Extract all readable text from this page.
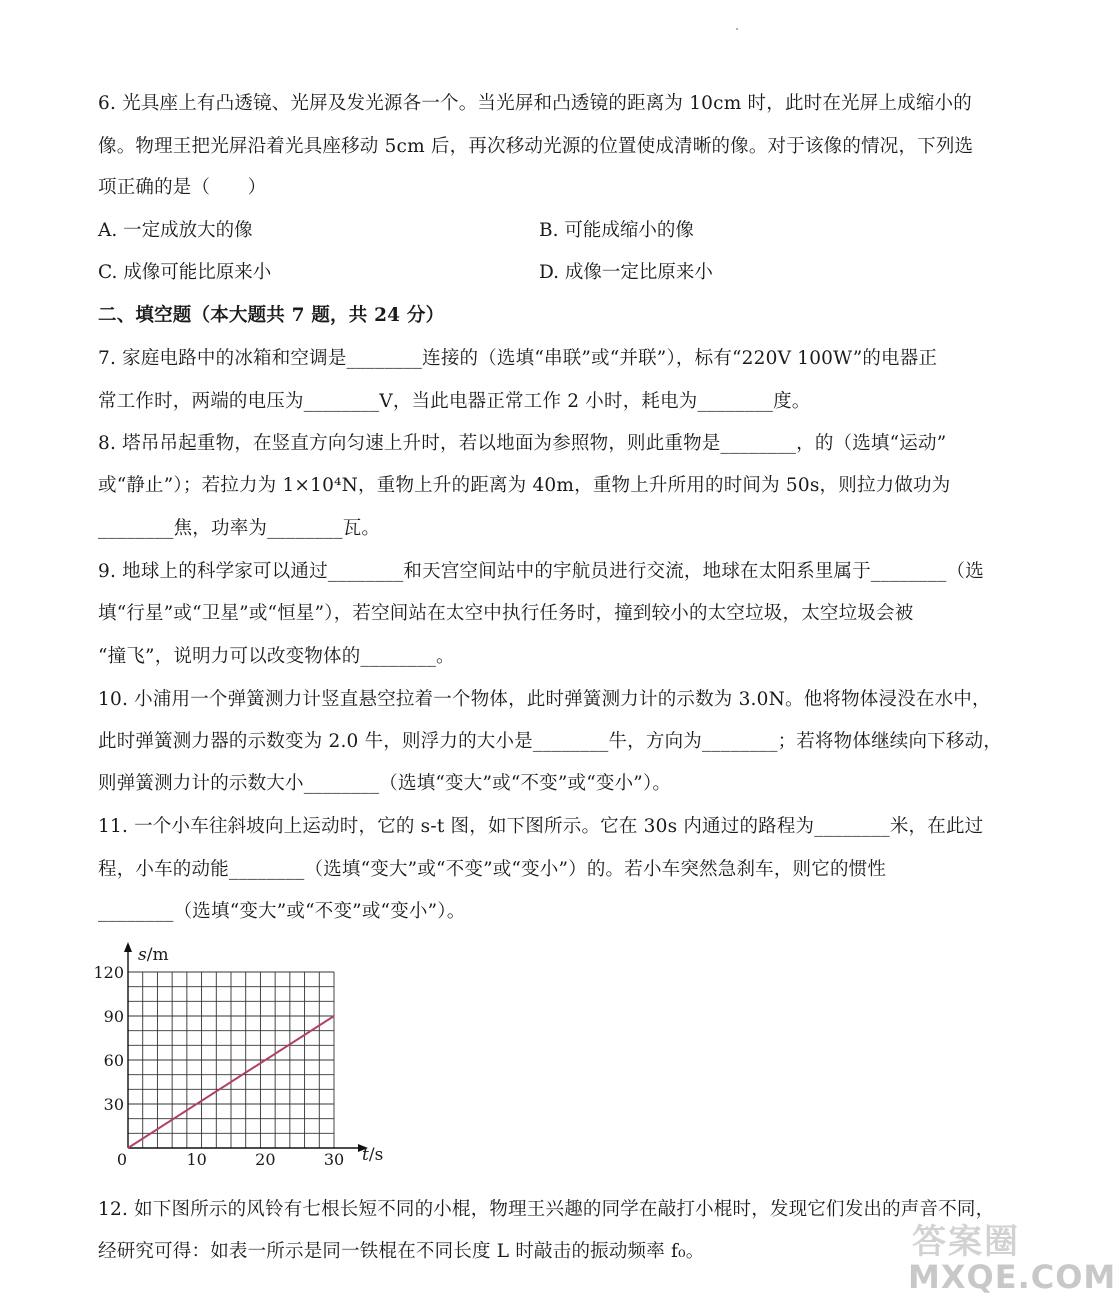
6. 光具座上有凸透镜、光屏及发光源各一个。当光屏和凸透镜的距离为 10cm 时，此时在光屏上成缩小的
像。物理王把光屏沿着光具座移动 5cm 后，再次移动光源的位置使成清晰的像。对于该像的情况，下列选
项正确的是（　　）
A. 一定成放大的像	B. 可能成缩小的像
C. 成像可能比原来小	D. 成像一定比原来小
二、填空题（本大题共 7 题，共 24 分）
7. 家庭电路中的冰箱和空调是________连接的（选填“串联”或“并联”），标有“220V 100W”的电器正
常工作时，两端的电压为________V，当此电器正常工作 2 小时，耗电为________度。
8. 塔吊吊起重物，在竖直方向匀速上升时，若以地面为参照物，则此重物是________，的（选填“运动”
或“静止”）；若拉力为 1×10⁴N，重物上升的距离为 40m，重物上升所用的时间为 50s，则拉力做功为
________焦，功率为________瓦。
9. 地球上的科学家可以通过________和天宫空间站中的宇航员进行交流，地球在太阳系里属于________（选
填“行星”或“卫星”或“恒星”），若空间站在太空中执行任务时，撞到较小的太空垃圾，太空垃圾会被
“撞飞”，说明力可以改变物体的________。
10. 小浦用一个弹簧测力计竖直悬空拉着一个物体，此时弹簧测力计的示数为 3.0N。他将物体浸没在水中，
此时弹簧测力器的示数变为 2.0 牛，则浮力的大小是________牛，方向为________；若将物体继续向下移动，
则弹簧测力计的示数大小________（选填“变大”或“不变”或“变小”）。
11. 一个小车往斜坡向上运动时，它的 s-t 图，如下图所示。它在 30s 内通过的路程为________米，在此过
程，小车的动能________（选填“变大”或“不变”或“变小”）的。若小车突然急刹车，则它的惯性
________（选填“变大”或“不变”或“变小”）。
0	10	20	30
30
60
90
120
s/m
t/s
12. 如下图所示的风铃有七根长短不同的小棍，物理王兴趣的同学在敲打小棍时，发现它们发出的声音不同，
经研究可得：如表一所示是同一铁棍在不同长度 L 时敲击的振动频率 f₀。	答案圈
MXQE.COM
